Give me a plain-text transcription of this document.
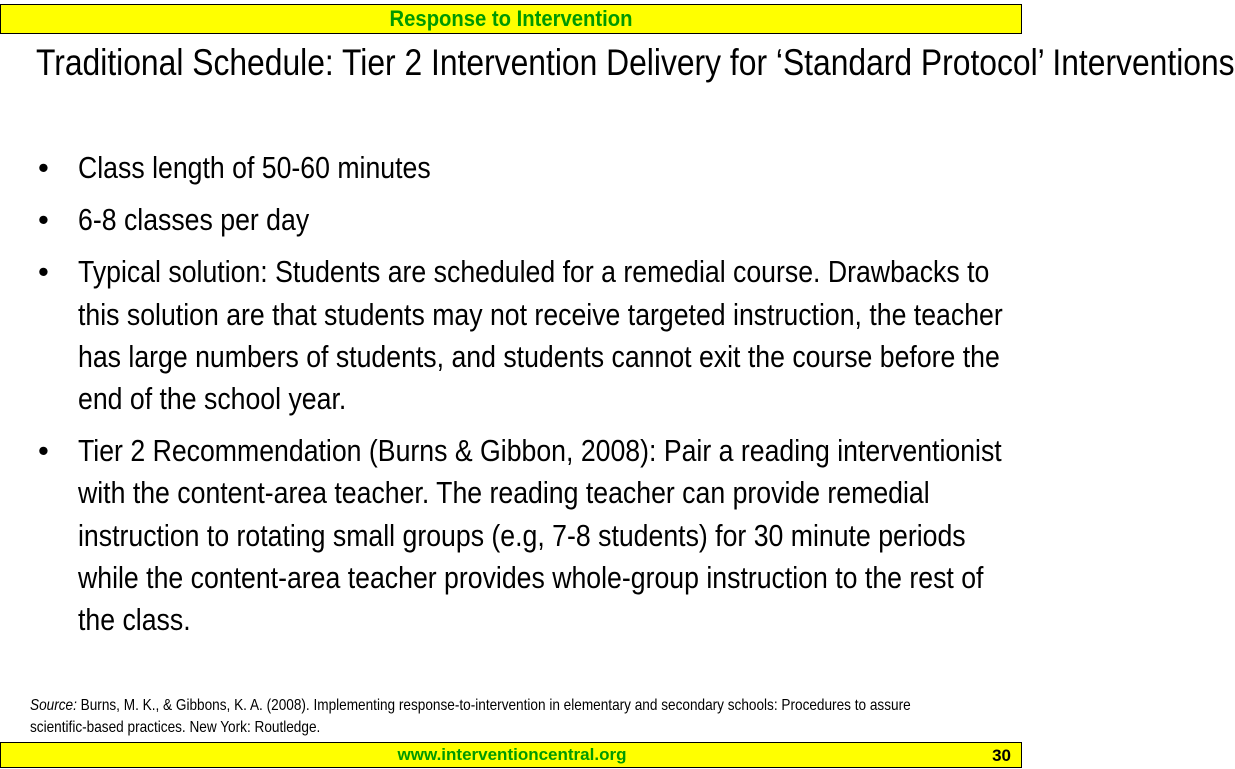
Response to Intervention
Traditional Schedule: Tier 2 Intervention Delivery for ‘Standard Protocol’ Interventions
• Class length of 50-60 minutes
• 6-8 classes per day
• Typical solution: Students are scheduled for a remedial course. Drawbacks to this solution are that students may not receive targeted instruction, the teacher has large numbers of students, and students cannot exit the course before the end of the school year.
• Tier 2 Recommendation (Burns & Gibbon, 2008): Pair a reading interventionist with the content-area teacher. The reading teacher can provide remedial instruction to rotating small groups (e.g, 7-8 students) for 30 minute periods while the content-area teacher provides whole-group instruction to the rest of the class.
Source: Burns, M. K., & Gibbons, K. A. (2008). Implementing response-to-intervention in elementary and secondary schools: Procedures to assure scientific-based practices. New York: Routledge.
www.interventioncentral.org	30
